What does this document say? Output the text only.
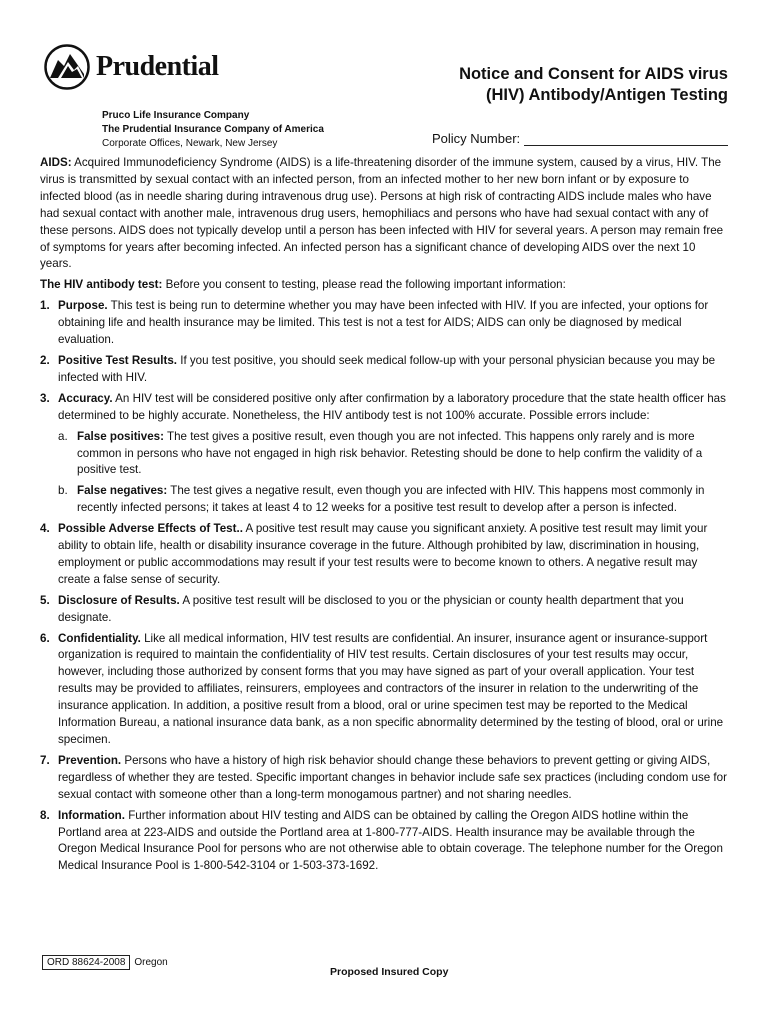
Prudential
Pruco Life Insurance Company
The Prudential Insurance Company of America
Corporate Offices, Newark, New Jersey
Notice and Consent for AIDS virus
(HIV) Antibody/Antigen Testing
Policy Number:

AIDS: Acquired Immunodeficiency Syndrome (AIDS) is a life-threatening disorder of the immune system, caused by a virus, HIV. The virus is transmitted by sexual contact with an infected person, from an infected mother to her new born infant or by exposure to infected blood (as in needle sharing during intravenous drug use). Persons at high risk of contracting AIDS include males who have had sexual contact with another male, intravenous drug users, hemophiliacs and persons who have had sexual contact with any of these persons. AIDS does not typically develop until a person has been infected with HIV for several years. A person may remain free of symptoms for years after becoming infected. An infected person has a significant chance of developing AIDS over the next 10 years.

The HIV antibody test: Before you consent to testing, please read the following important information:

1. Purpose. This test is being run to determine whether you may have been infected with HIV. If you are infected, your options for obtaining life and health insurance may be limited. This test is not a test for AIDS; AIDS can only be diagnosed by medical evaluation.
2. Positive Test Results. If you test positive, you should seek medical follow-up with your personal physician because you may be infected with HIV.
3. Accuracy. An HIV test will be considered positive only after confirmation by a laboratory procedure that the state health officer has determined to be highly accurate. Nonetheless, the HIV antibody test is not 100% accurate. Possible errors include:
a. False positives: The test gives a positive result, even though you are not infected. This happens only rarely and is more common in persons who have not engaged in high risk behavior. Retesting should be done to help confirm the validity of a positive test.
b. False negatives: The test gives a negative result, even though you are infected with HIV. This happens most commonly in recently infected persons; it takes at least 4 to 12 weeks for a positive test result to develop after a person is infected.
4. Possible Adverse Effects of Test.. A positive test result may cause you significant anxiety. A positive test result may limit your ability to obtain life, health or disability insurance coverage in the future. Although prohibited by law, discrimination in housing, employment or public accommodations may result if your test results were to become known to others. A negative result may create a false sense of security.
5. Disclosure of Results. A positive test result will be disclosed to you or the physician or county health department that you designate.
6. Confidentiality. Like all medical information, HIV test results are confidential. An insurer, insurance agent or insurance-support organization is required to maintain the confidentiality of HIV test results. Certain disclosures of your test results may occur, however, including those authorized by consent forms that you may have signed as part of your overall application. Your test results may be provided to affiliates, reinsurers, employees and contractors of the insurer in relation to the underwriting of the insurance application. In addition, a positive result from a blood, oral or urine specimen test may be reported to the Medical Information Bureau, a national insurance data bank, as a non specific abnormality determined by the testing of blood, oral or urine specimen.
7. Prevention. Persons who have a history of high risk behavior should change these behaviors to prevent getting or giving AIDS, regardless of whether they are tested. Specific important changes in behavior include safe sex practices (including condom use for sexual contact with someone other than a long-term monogamous partner) and not sharing needles.
8. Information. Further information about HIV testing and AIDS can be obtained by calling the Oregon AIDS hotline within the Portland area at 223-AIDS and outside the Portland area at 1-800-777-AIDS. Health insurance may be available through the Oregon Medical Insurance Pool for persons who are not otherwise able to obtain coverage. The telephone number for the Oregon Medical Insurance Pool is 1-800-542-3104 or 1-503-373-1692.
ORD 88624-2008 Oregon
Proposed Insured Copy
